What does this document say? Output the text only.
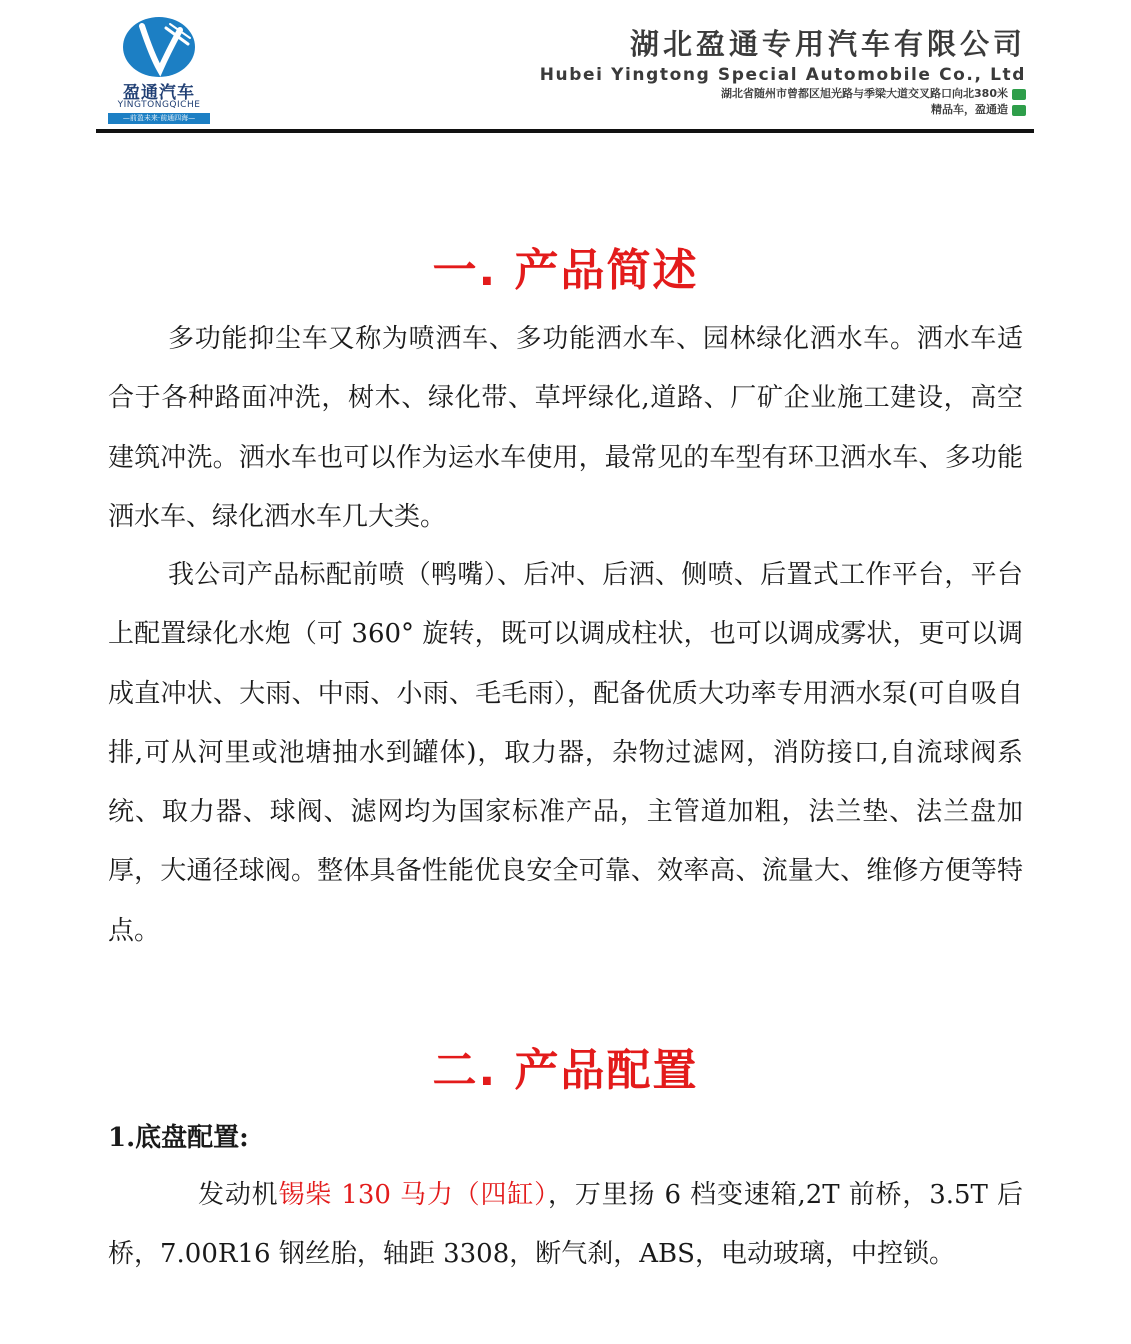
盈通汽车
YINGTONGQICHE
—前盈未来·前通四海—
湖北盈通专用汽车有限公司
Hubei Yingtong Special Automobile Co., Ltd
湖北省随州市曾都区旭光路与季梁大道交叉路口向北380米
精品车，盈通造
一. 产品简述
多功能抑尘车又称为喷洒车、多功能洒水车、园林绿化洒水车。洒水车适合于各种路面冲洗，树木、绿化带、草坪绿化,道路、厂矿企业施工建设，高空建筑冲洗。洒水车也可以作为运水车使用，最常见的车型有环卫洒水车、多功能洒水车、绿化洒水车几大类。
我公司产品标配前喷（鸭嘴）、后冲、后洒、侧喷、后置式工作平台，平台上配置绿化水炮（可 360° 旋转，既可以调成柱状，也可以调成雾状，更可以调成直冲状、大雨、中雨、小雨、毛毛雨），配备优质大功率专用洒水泵(可自吸自排,可从河里或池塘抽水到罐体)，取力器，杂物过滤网，消防接口,自流球阀系统、取力器、球阀、滤网均为国家标准产品，主管道加粗，法兰垫、法兰盘加厚，大通径球阀。整体具备性能优良安全可靠、效率高、流量大、维修方便等特点。
二. 产品配置
1.底盘配置:
发动机锡柴 130 马力（四缸），万里扬 6 档变速箱,2T 前桥，3.5T 后桥，7.00R16 钢丝胎，轴距 3308，断气刹，ABS，电动玻璃，中控锁。
